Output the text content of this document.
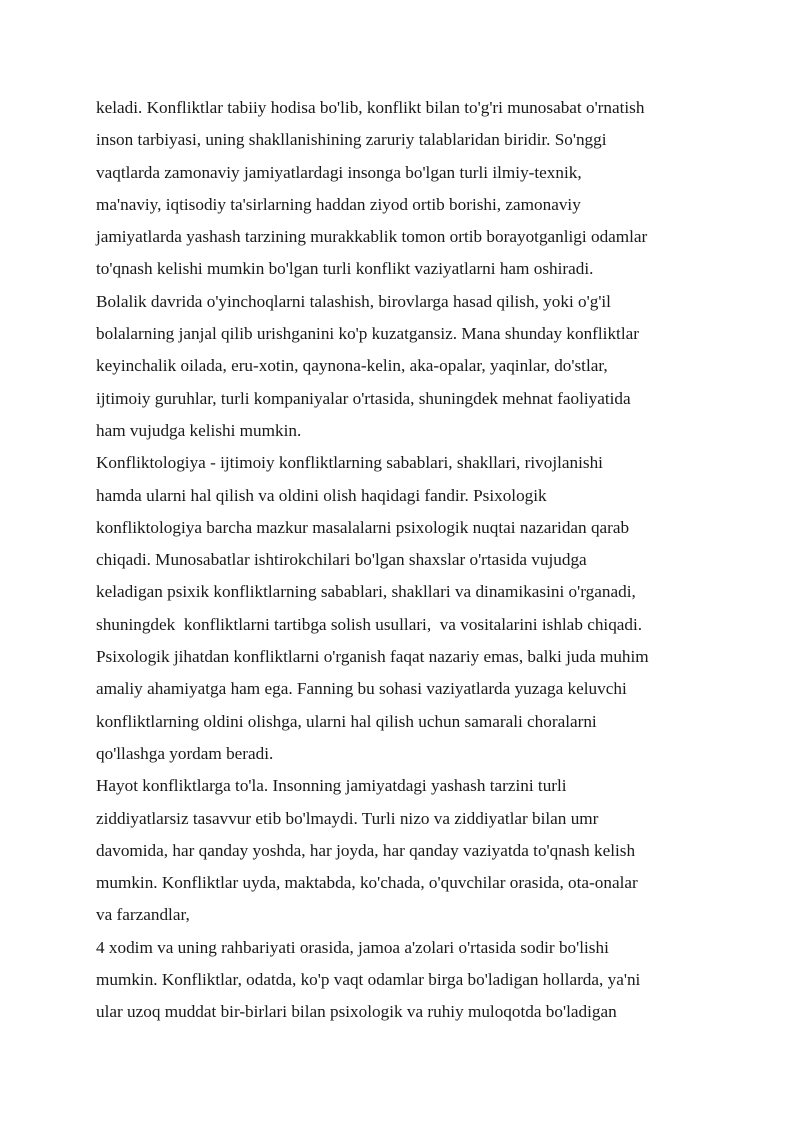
keladi. Konfliktlar tabiiy hodisa bo'lib, konflikt bilan to'g'ri munosabat o'rnatish
inson tarbiyasi, uning shakllanishining zaruriy talablaridan biridir. So'nggi
vaqtlarda zamonaviy jamiyatlardagi insonga bo'lgan turli ilmiy-texnik,
ma'naviy, iqtisodiy ta'sirlarning haddan ziyod ortib borishi, zamonaviy
jamiyatlarda yashash tarzining murakkablik tomon ortib borayotganligi odamlar
to'qnash kelishi mumkin bo'lgan turli konflikt vaziyatlarni ham oshiradi.
Bolalik davrida o'yinchoqlarni talashish, birovlarga hasad qilish, yoki o'g'il
bolalarning janjal qilib urishganini ko'p kuzatgansiz. Mana shunday konfliktlar
keyinchalik oilada, eru-xotin, qaynona-kelin, aka-opalar, yaqinlar, do'stlar,
ijtimoiy guruhlar, turli kompaniyalar o'rtasida, shuningdek mehnat faoliyatida
ham vujudga kelishi mumkin.
Konfliktologiya - ijtimoiy konfliktlarning sabablari, shakllari, rivojlanishi
hamda ularni hal qilish va oldini olish haqidagi fandir. Psixologik
konfliktologiya barcha mazkur masalalarni psixologik nuqtai nazaridan qarab
chiqadi. Munosabatlar ishtirokchilari bo'lgan shaxslar o'rtasida vujudga
keladigan psixik konfliktlarning sabablari, shakllari va dinamikasini o'rganadi,
shuningdek  konfliktlarni tartibga solish usullari,  va vositalarini ishlab chiqadi.
Psixologik jihatdan konfliktlarni o'rganish faqat nazariy emas, balki juda muhim
amaliy ahamiyatga ham ega. Fanning bu sohasi vaziyatlarda yuzaga keluvchi
konfliktlarning oldini olishga, ularni hal qilish uchun samarali choralarni
qo'llashga yordam beradi.
Hayot konfliktlarga to'la. Insonning jamiyatdagi yashash tarzini turli
ziddiyatlarsiz tasavvur etib bo'lmaydi. Turli nizo va ziddiyatlar bilan umr
davomida, har qanday yoshda, har joyda, har qanday vaziyatda to'qnash kelish
mumkin. Konfliktlar uyda, maktabda, ko'chada, o'quvchilar orasida, ota-onalar
va farzandlar,
4 xodim va uning rahbariyati orasida, jamoa a'zolari o'rtasida sodir bo'lishi
mumkin. Konfliktlar, odatda, ko'p vaqt odamlar birga bo'ladigan hollarda, ya'ni
ular uzoq muddat bir-birlari bilan psixologik va ruhiy muloqotda bo'ladigan
